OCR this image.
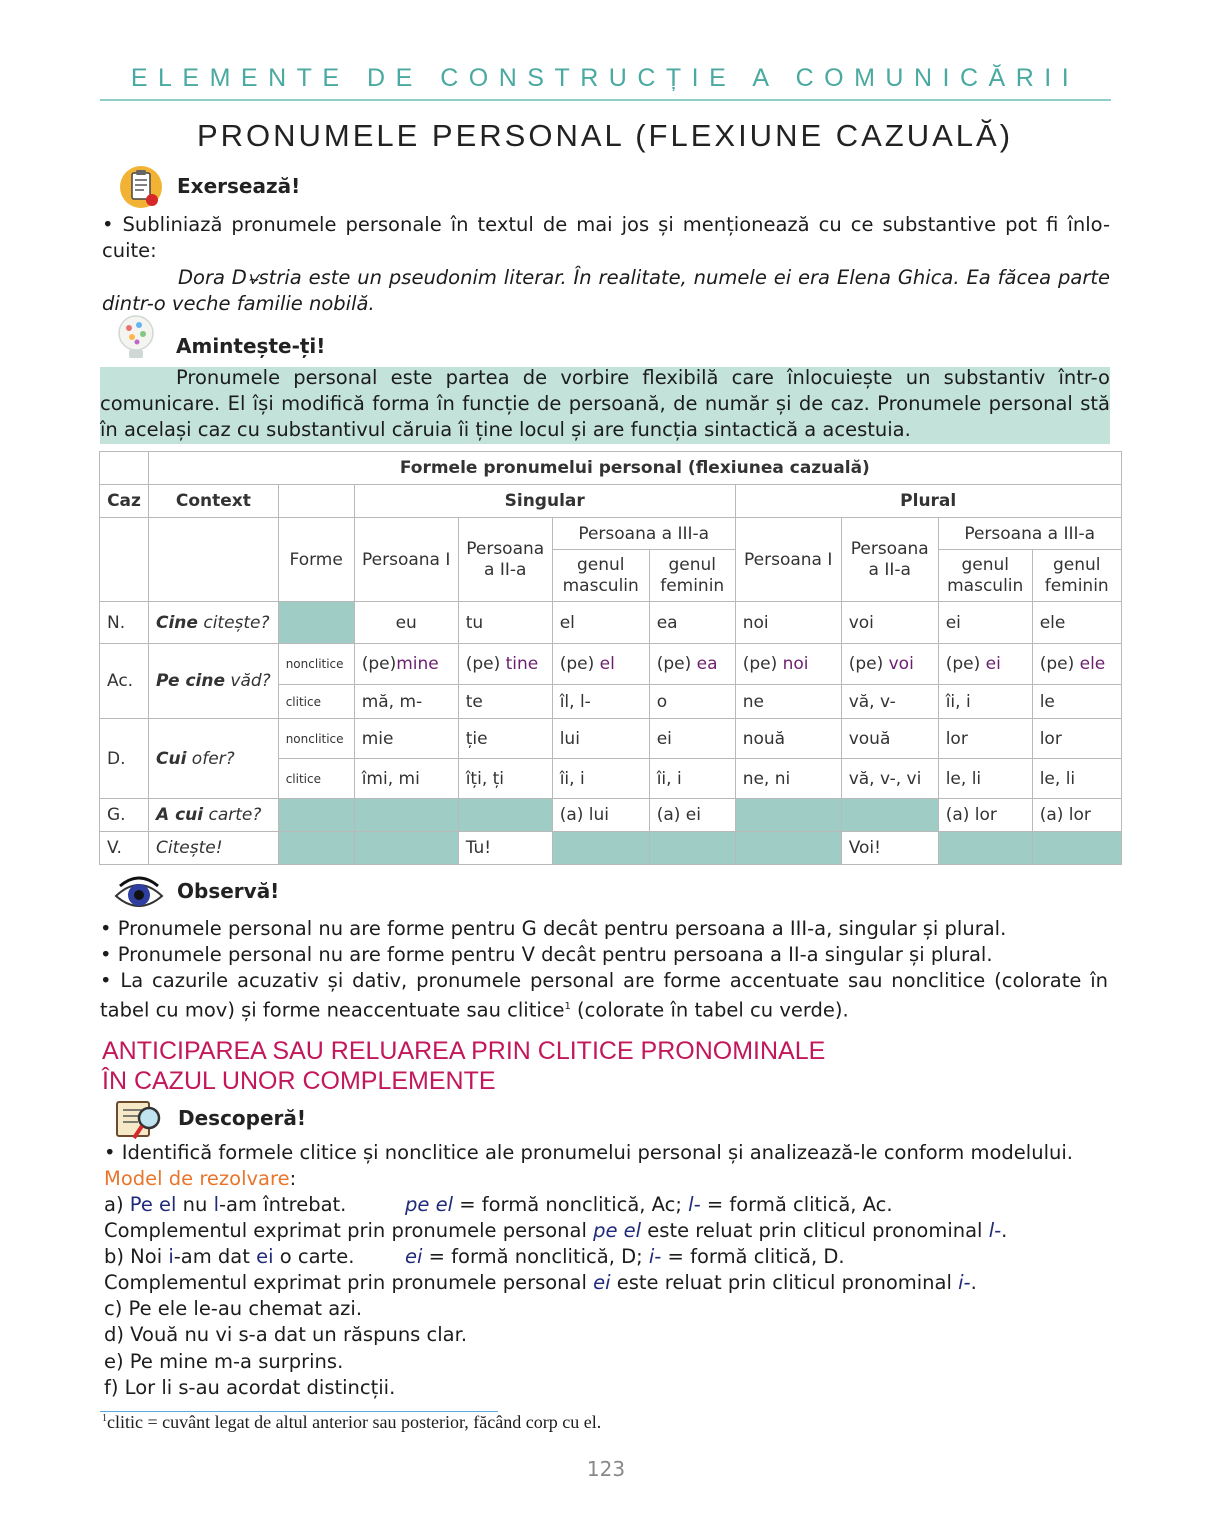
ELEMENTE DE CONSTRUCȚIE A COMUNICĂRII
PRONUMELE PERSONAL (FLEXIUNE CAZUALĂ)
Exersează!
• Subliniază pronumele personale în textul de mai jos și menționează cu ce substantive pot fi înlo-
cuite:
Dora D⍱stria este un pseudonim literar. În realitate, numele ei era Elena Ghica. Ea făcea parte
dintr-o veche familie nobilă.
Amintește-ți!
Pronumele personal este partea de vorbire flexibilă care înlocuiește un substantiv într-o
comunicare. El își modifică forma în funcție de persoană, de număr și de caz. Pronumele personal stă
în același caz cu substantivul căruia îi ține locul și are funcția sintactică a acestuia.
	Formele pronumelui personal (flexiunea cazuală)									
Caz	Context		Singular				Plural			
		Forme	Persoana I	Persoana a II-a	Persoana a III-a		Persoana I	Persoana a II-a	Persoana a III-a	
					genul masculin	genul feminin			genul masculin	genul feminin
N.	Cine citește?		eu	tu	el	ea	noi	voi	ei	ele
Ac.	Pe cine văd?	nonclitice	(pe)mine	(pe) tine	(pe) el	(pe) ea	(pe) noi	(pe) voi	(pe) ei	(pe) ele
		clitice	mă, m-	te	îl, l-	o	ne	vă, v-	îi, i	le
D.	Cui ofer?	nonclitice	mie	ție	lui	ei	nouă	vouă	lor	lor
		clitice	îmi, mi	îți, ți	îi, i	îi, i	ne, ni	vă, v-, vi	le, li	le, li
G.	A cui carte?				(a) lui	(a) ei			(a) lor	(a) lor
V.	Citește!			Tu!				Voi!		
Observă!
• Pronumele personal nu are forme pentru G decât pentru persoana a III-a, singular și plural.
• Pronumele personal nu are forme pentru V decât pentru persoana a II-a singular și plural.
• La cazurile acuzativ și dativ, pronumele personal are forme accentuate sau nonclitice (colorate în
tabel cu mov) și forme neaccentuate sau clitice$^1$ (colorate în tabel cu verde).
ANTICIPAREA SAU RELUAREA PRIN CLITICE PRONOMINALE
ÎN CAZUL UNOR COMPLEMENTE
Descoperă!
• Identifică formele clitice și nonclitice ale pronumelui personal și analizează-le conform modelului.
Model de rezolvare:
a) Pe el nu l-am întrebat.	pe el = formă nonclitică, Ac; l- = formă clitică, Ac.
Complementul exprimat prin pronumele personal pe el este reluat prin cliticul pronominal l-.
b) Noi i-am dat ei o carte.	ei = formă nonclitică, D; i- = formă clitică, D.
Complementul exprimat prin pronumele personal ei este reluat prin cliticul pronominal i-.
c) Pe ele le-au chemat azi.
d) Vouă nu vi s-a dat un răspuns clar.
e) Pe mine m-a surprins.
f) Lor li s-au acordat distincții.
$^1$clitic = cuvânt legat de altul anterior sau posterior, făcând corp cu el.
123
